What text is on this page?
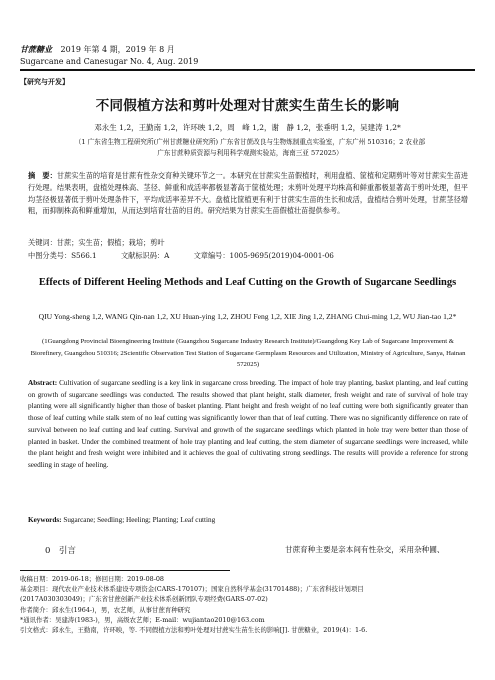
甘蔗糖业 2019 年第 4 期，2019 年 8 月
Sugarcane and Canesugar No. 4, Aug. 2019
【研究与开发】
不同假植方法和剪叶处理对甘蔗实生苗生长的影响
邓永生 1,2，王勤南 1,2，许环映 1,2，周　峰 1,2，谢　静 1,2，张垂明 1,2，吴建涛 1,2*
（1 广东省生物工程研究所(广州甘蔗糖业研究所) 广东省甘蔗改良与生物炼制重点实验室，广东广州 510316；2 农业部
广东甘蔗种质资源与利用科学观测实验站，海南三亚 572025）
摘　要：甘蔗实生苗的培育是甘蔗有性杂交育种关键环节之一。本研究在甘蔗实生苗假植时，利用盘植、筐植和定期剪叶等对甘蔗实生苗进行处理。结果表明，盘植处理株高、茎径、鲜重和成活率都极显著高于筐植处理；未剪叶处理平均株高和鲜重都极显著高于剪叶处理，但平均茎径极显著低于剪叶处理条件下，平均成活率差异不大。盘植比筐植更有利于甘蔗实生苗的生长和成活，盘植结合剪叶处理，甘蔗茎径增粗，而抑制株高和鲜重增加，从而达到培育壮苗的目的。研究结果为甘蔗实生苗假植壮苗提供参考。
关键词：甘蔗；实生苗；假植；栽培；剪叶
中图分类号：S566.1	文献标识码：A	文章编号：1005-9695(2019)04-0001-06
Effects of Different Heeling Methods and Leaf Cutting on the Growth of Sugarcane Seedlings
QIU Yong-sheng 1,2, WANG Qin-nan 1,2, XU Huan-ying 1,2, ZHOU Feng 1,2, XIE Jing 1,2, ZHANG Chui-ming 1,2, WU Jian-tao 1,2*
(1Guangdong Provincial Bioengineering Institute (Guangzhou Sugarcane Industry Research Institute)/Guangdong Key Lab of Sugarcane Improvement & Biorefinery, Guangzhou 510316; 2Scientific Observation Test Station of Sugarcane Germplasm Resources and Utilization, Ministry of Agriculture, Sanya, Hainan 572025)
Abstract: Cultivation of sugarcane seedling is a key link in sugarcane cross breeding. The impact of hole tray planting, basket planting, and leaf cutting on growth of sugarcane seedlings was conducted. The results showed that plant height, stalk diameter, fresh weight and rate of survival of hole tray planting were all significantly higher than those of basket planting. Plant height and fresh weight of no leaf cutting were both significantly greater than those of leaf cutting while stalk stem of no leaf cutting was significantly lower than that of leaf cutting. There was no significantly difference on rate of survival between no leaf cutting and leaf cutting. Survival and growth of the sugarcane seedlings which planted in hole tray were better than those of planted in basket. Under the combined treatment of hole tray planting and leaf cutting, the stem diameter of sugarcane seedlings were increased, while the plant height and fresh weight were inhibited and it achieves the goal of cultivating strong seedlings. The results will provide a reference for strong seedling in stage of heeling.
Keywords: Sugarcane; Seedling; Heeling; Planting; Leaf cutting
0　引言	甘蔗育种主要是亲本间有性杂交，采用杂种圃、
收稿日期：2019-06-18；修回日期：2019-08-08
基金项目：现代农业产业技术体系建设专项资金(CARS-170107)；国家自然科学基金(31701488)；广东省科技计划项目
(2017A030303049)；广东省甘蔗创新产业技术体系创新团队专项经费(GARS-07-02)
作者简介：邱永生(1964-)，男，农艺师，从事甘蔗育种研究
*通讯作者：吴建涛(1983-)，男，高级农艺师；E-mail：wujiantao2010@163.com
引文格式：邱永生，王勤南，许环映，等. 不同假植方法和剪叶处理对甘蔗实生苗生长的影响[J]. 甘蔗糖业，2019(4)：1-6.
